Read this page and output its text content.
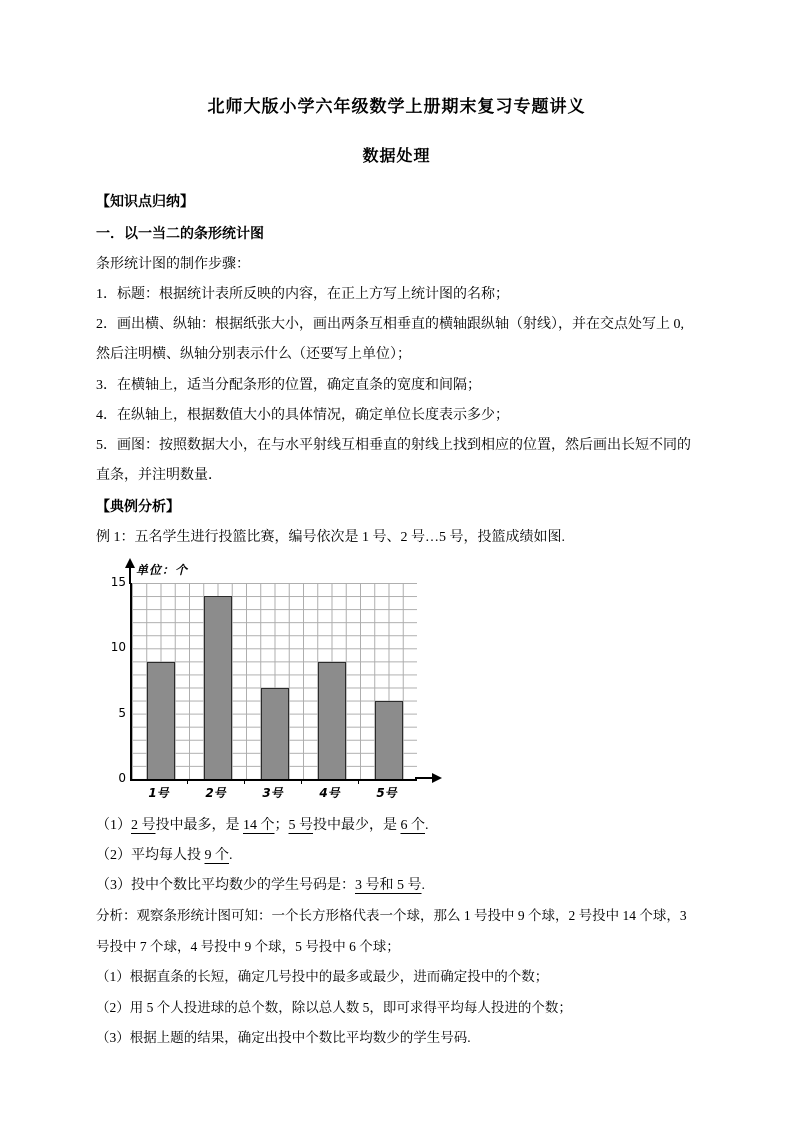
北师大版小学六年级数学上册期末复习专题讲义
数据处理

【知识点归纳】

一．以一当二的条形统计图

条形统计图的制作步骤：

1．标题：根据统计表所反映的内容，在正上方写上统计图的名称；

2．画出横、纵轴：根据纸张大小，画出两条互相垂直的横轴跟纵轴（射线），并在交点处写上 0,然后注明横、纵轴分别表示什么（还要写上单位）；

3．在横轴上，适当分配条形的位置，确定直条的宽度和间隔；

4．在纵轴上，根据数值大小的具体情况，确定单位长度表示多少；

5．画图：按照数据大小，在与水平射线互相垂直的射线上找到相应的位置，然后画出长短不同的直条，并注明数量．

【典例分析】

例 1：五名学生进行投篮比赛，编号依次是 1 号、2 号…5 号，投篮成绩如图.

单位：个
1号	2号	3号	4号	5号
0
5
10
15

（1）2 号投中最多，是 14 个；5 号投中最少，是 6 个.

（2）平均每人投 9 个.

（3）投中个数比平均数少的学生号码是：3 号和 5 号.

分析：观察条形统计图可知：一个长方形格代表一个球，那么 1 号投中 9 个球，2 号投中 14 个球，3 号投中 7 个球，4 号投中 9 个球，5 号投中 6 个球；

（1）根据直条的长短，确定几号投中的最多或最少，进而确定投中的个数；

（2）用 5 个人投进球的总个数，除以总人数 5，即可求得平均每人投进的个数；

（3）根据上题的结果，确定出投中个数比平均数少的学生号码.
